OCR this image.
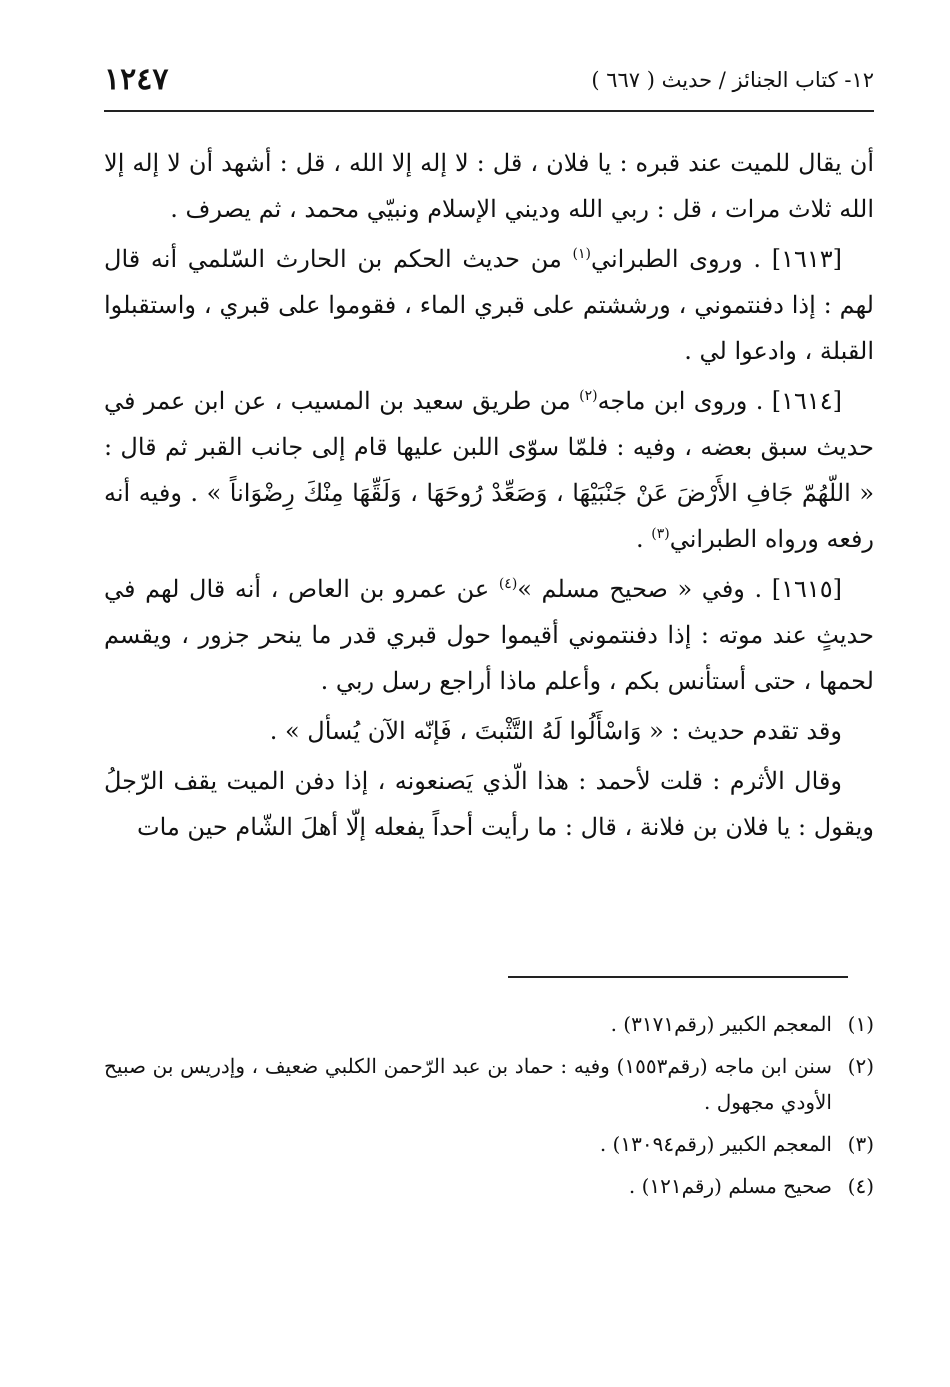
١٢- كتاب الجنائز / حديث ( ٦٦٧ )
١٢٤٧

أن يقال للميت عند قبره : يا فلان ، قل : لا إله إلا الله ، قل : أشهد أن لا إله إلا الله ثلاث مرات ، قل : ربي الله وديني الإسلام ونبيّي محمد ، ثم يصرف .

[١٦١٣] . وروى الطبراني$^{(١)}$ من حديث الحكم بن الحارث السّلمي أنه قال لهم : إذا دفنتموني ، ورششتم على قبري الماء ، فقوموا على قبري ، واستقبلوا القبلة ، وادعوا لي .

[١٦١٤] . وروى ابن ماجه$^{(٢)}$ من طريق سعيد بن المسيب ، عن ابن عمر في حديث سبق بعضه ، وفيه : فلمّا سوّى اللبن عليها قام إلى جانب القبر ثم قال : « اللّهُمّ جَافِ الأَرْضَ عَنْ جَنْبَيْهَا ، وَصَعِّدْ رُوحَهَا ، وَلَقِّهَا مِنْكَ رِضْوَاناً » . وفيه أنه رفعه ورواه الطبراني$^{(٣)}$ .

[١٦١٥] . وفي « صحيح مسلم »$^{(٤)}$ عن عمرو بن العاص ، أنه قال لهم في حديثٍ عند موته : إذا دفنتموني أقيموا حول قبري قدر ما ينحر جزور ، ويقسم لحمها ، حتى أستأنس بكم ، وأعلم ماذا أراجع رسل ربي .

وقد تقدم حديث : « وَاسْأَلُوا لَهُ التَّثْبتَ ، فَإنّه الآن يُسأل » .

وقال الأثرم : قلت لأحمد : هذا الّذي يَصنعونه ، إذا دفن الميت يقف الرّجلُ ويقول : يا فلان بن فلانة ، قال : ما رأيت أحداً يفعله إلّا أهلَ الشّام حين مات

(١)
المعجم الكبير (رقم٣١٧١) .
(٢)
سنن ابن ماجه (رقم١٥٥٣) وفيه : حماد بن عبد الرّحمن الكلبي ضعيف ، وإدريس بن صبيح الأودي مجهول .
(٣)
المعجم الكبير (رقم١٣٠٩٤) .
(٤)
صحيح مسلم (رقم١٢١) .
